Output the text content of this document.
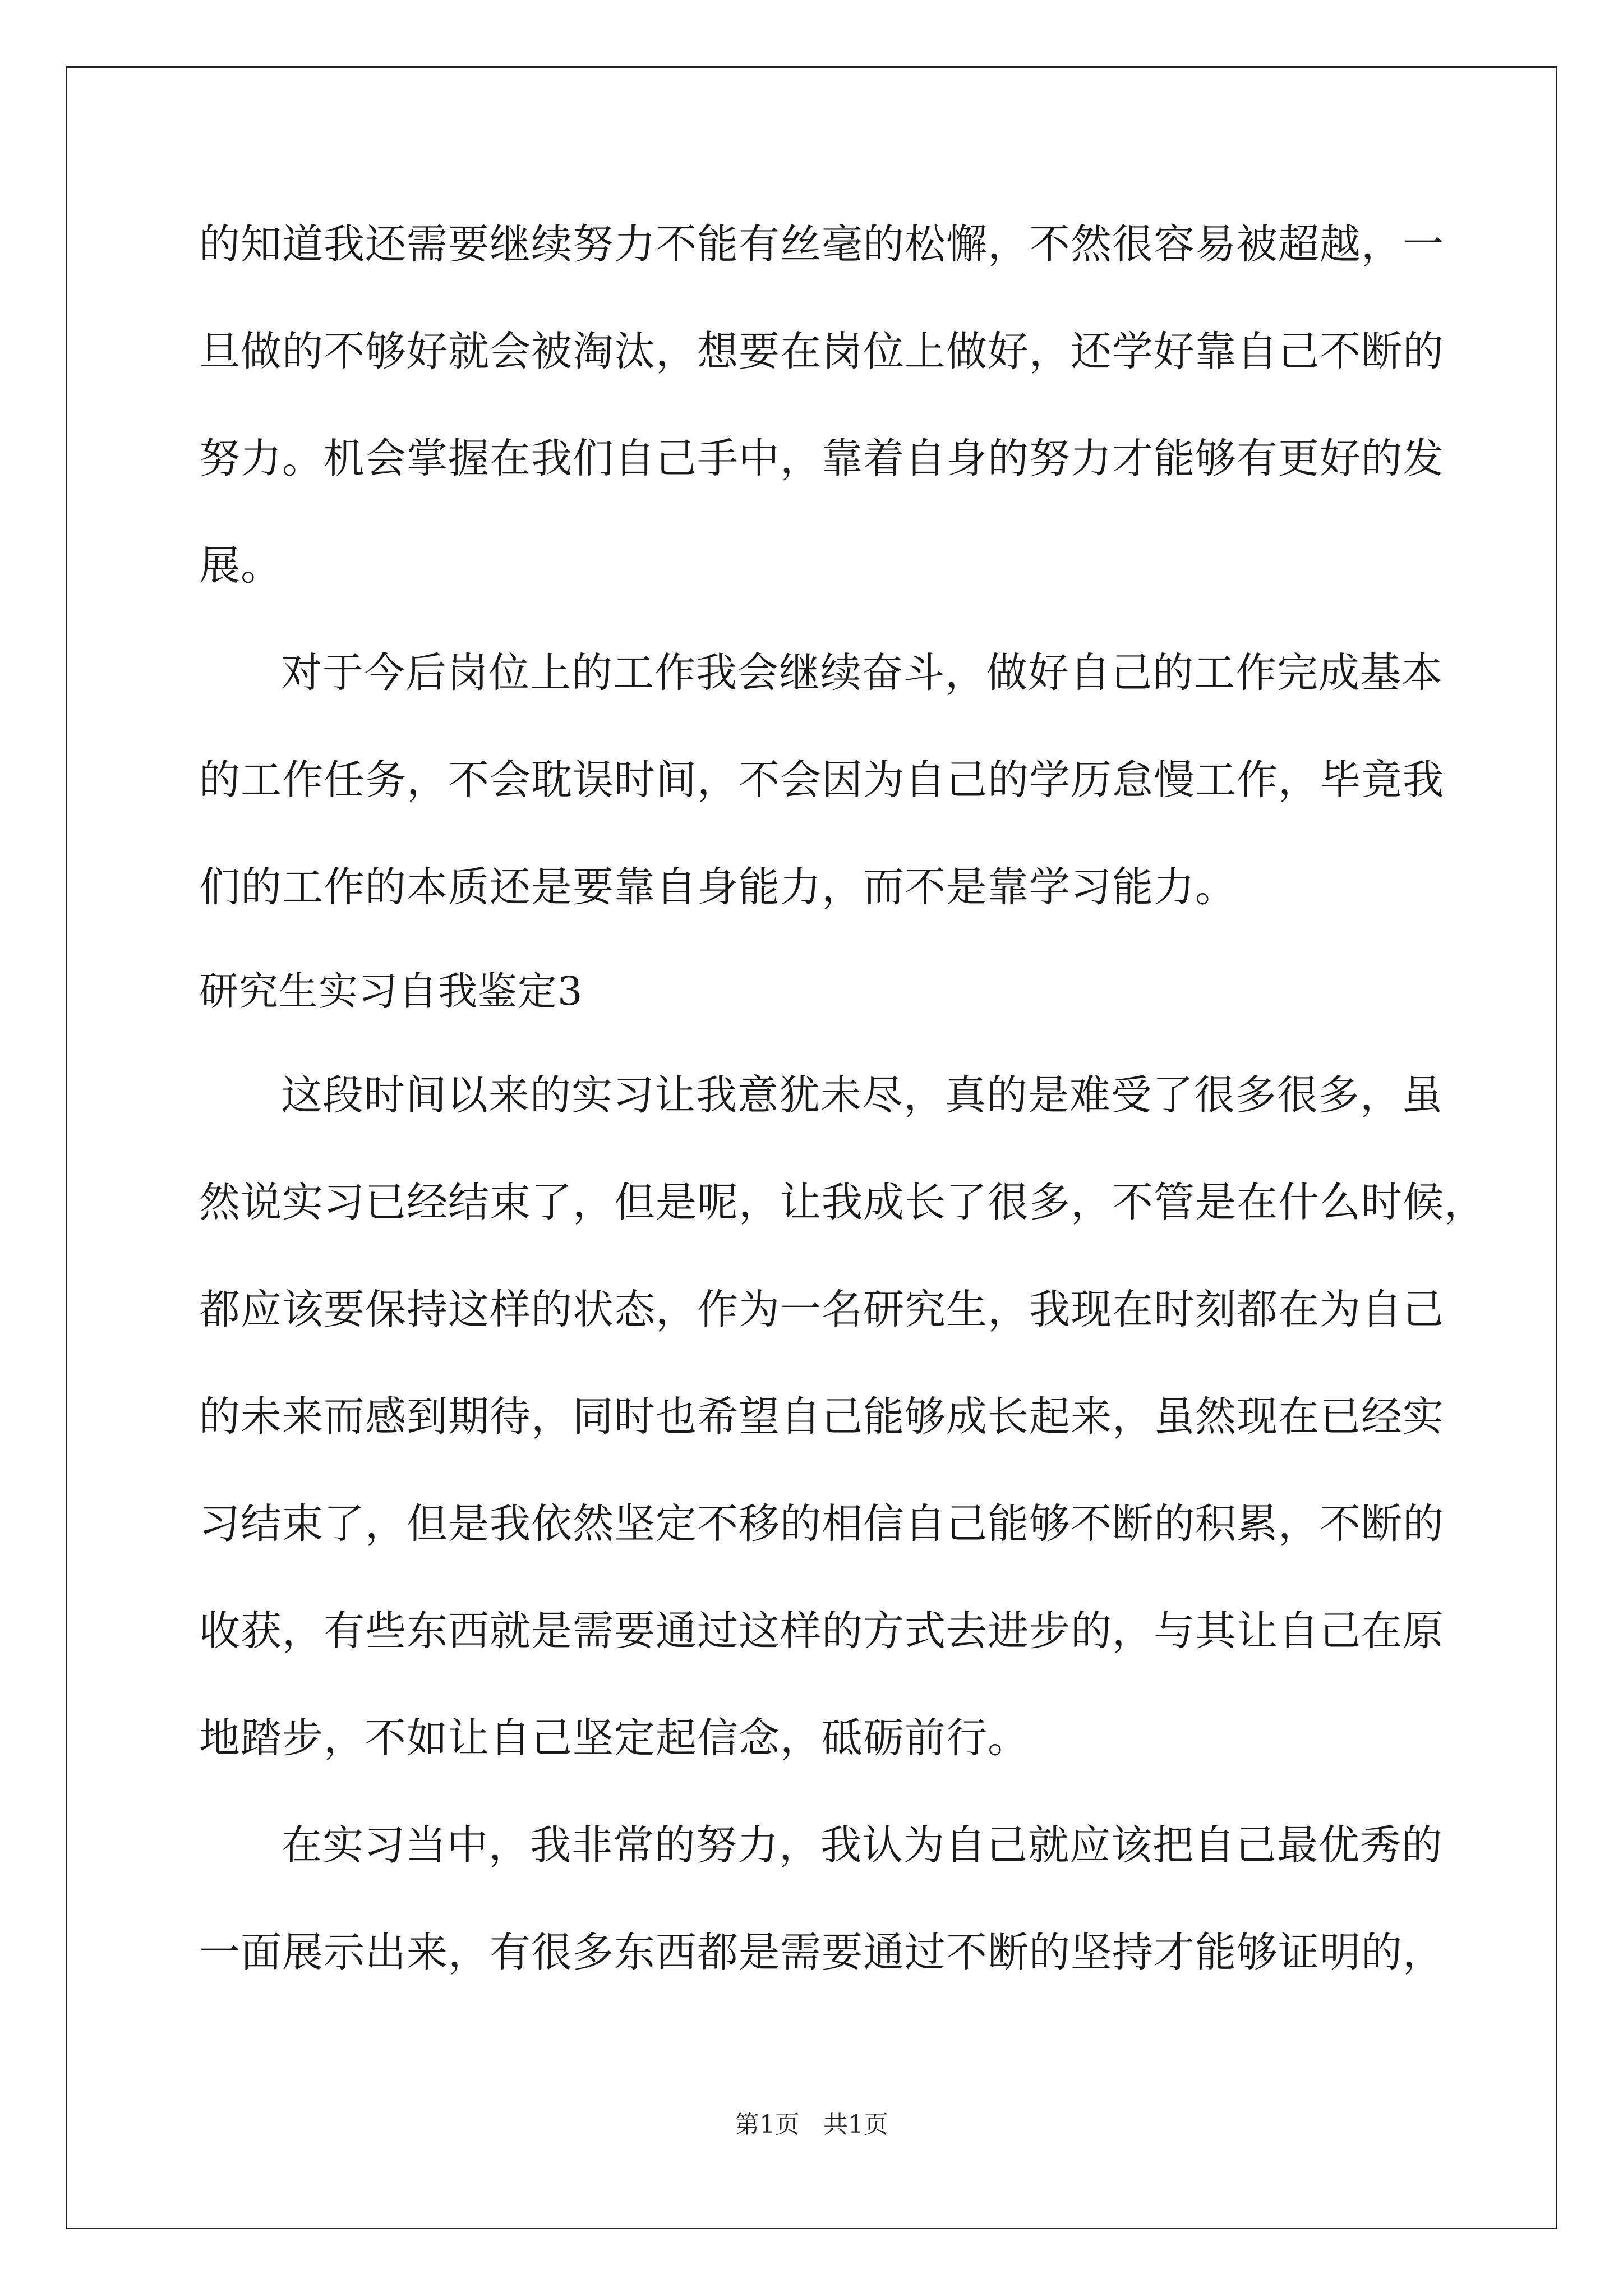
的知道我还需要继续努力不能有丝毫的松懈，不然很容易被超越，一
旦做的不够好就会被淘汰，想要在岗位上做好，还学好靠自己不断的
努力。机会掌握在我们自己手中，靠着自身的努力才能够有更好的发
展。
对于今后岗位上的工作我会继续奋斗，做好自己的工作完成基本
的工作任务，不会耽误时间，不会因为自己的学历怠慢工作，毕竟我
们的工作的本质还是要靠自身能力，而不是靠学习能力。
研究生实习自我鉴定3
这段时间以来的实习让我意犹未尽，真的是难受了很多很多，虽
然说实习已经结束了，但是呢，让我成长了很多，不管是在什么时候，
都应该要保持这样的状态，作为一名研究生，我现在时刻都在为自己
的未来而感到期待，同时也希望自己能够成长起来，虽然现在已经实
习结束了，但是我依然坚定不移的相信自己能够不断的积累，不断的
收获，有些东西就是需要通过这样的方式去进步的，与其让自己在原
地踏步，不如让自己坚定起信念，砥砺前行。
在实习当中，我非常的努力，我认为自己就应该把自己最优秀的
一面展示出来，有很多东西都是需要通过不断的坚持才能够证明的，
第1页   共1页
